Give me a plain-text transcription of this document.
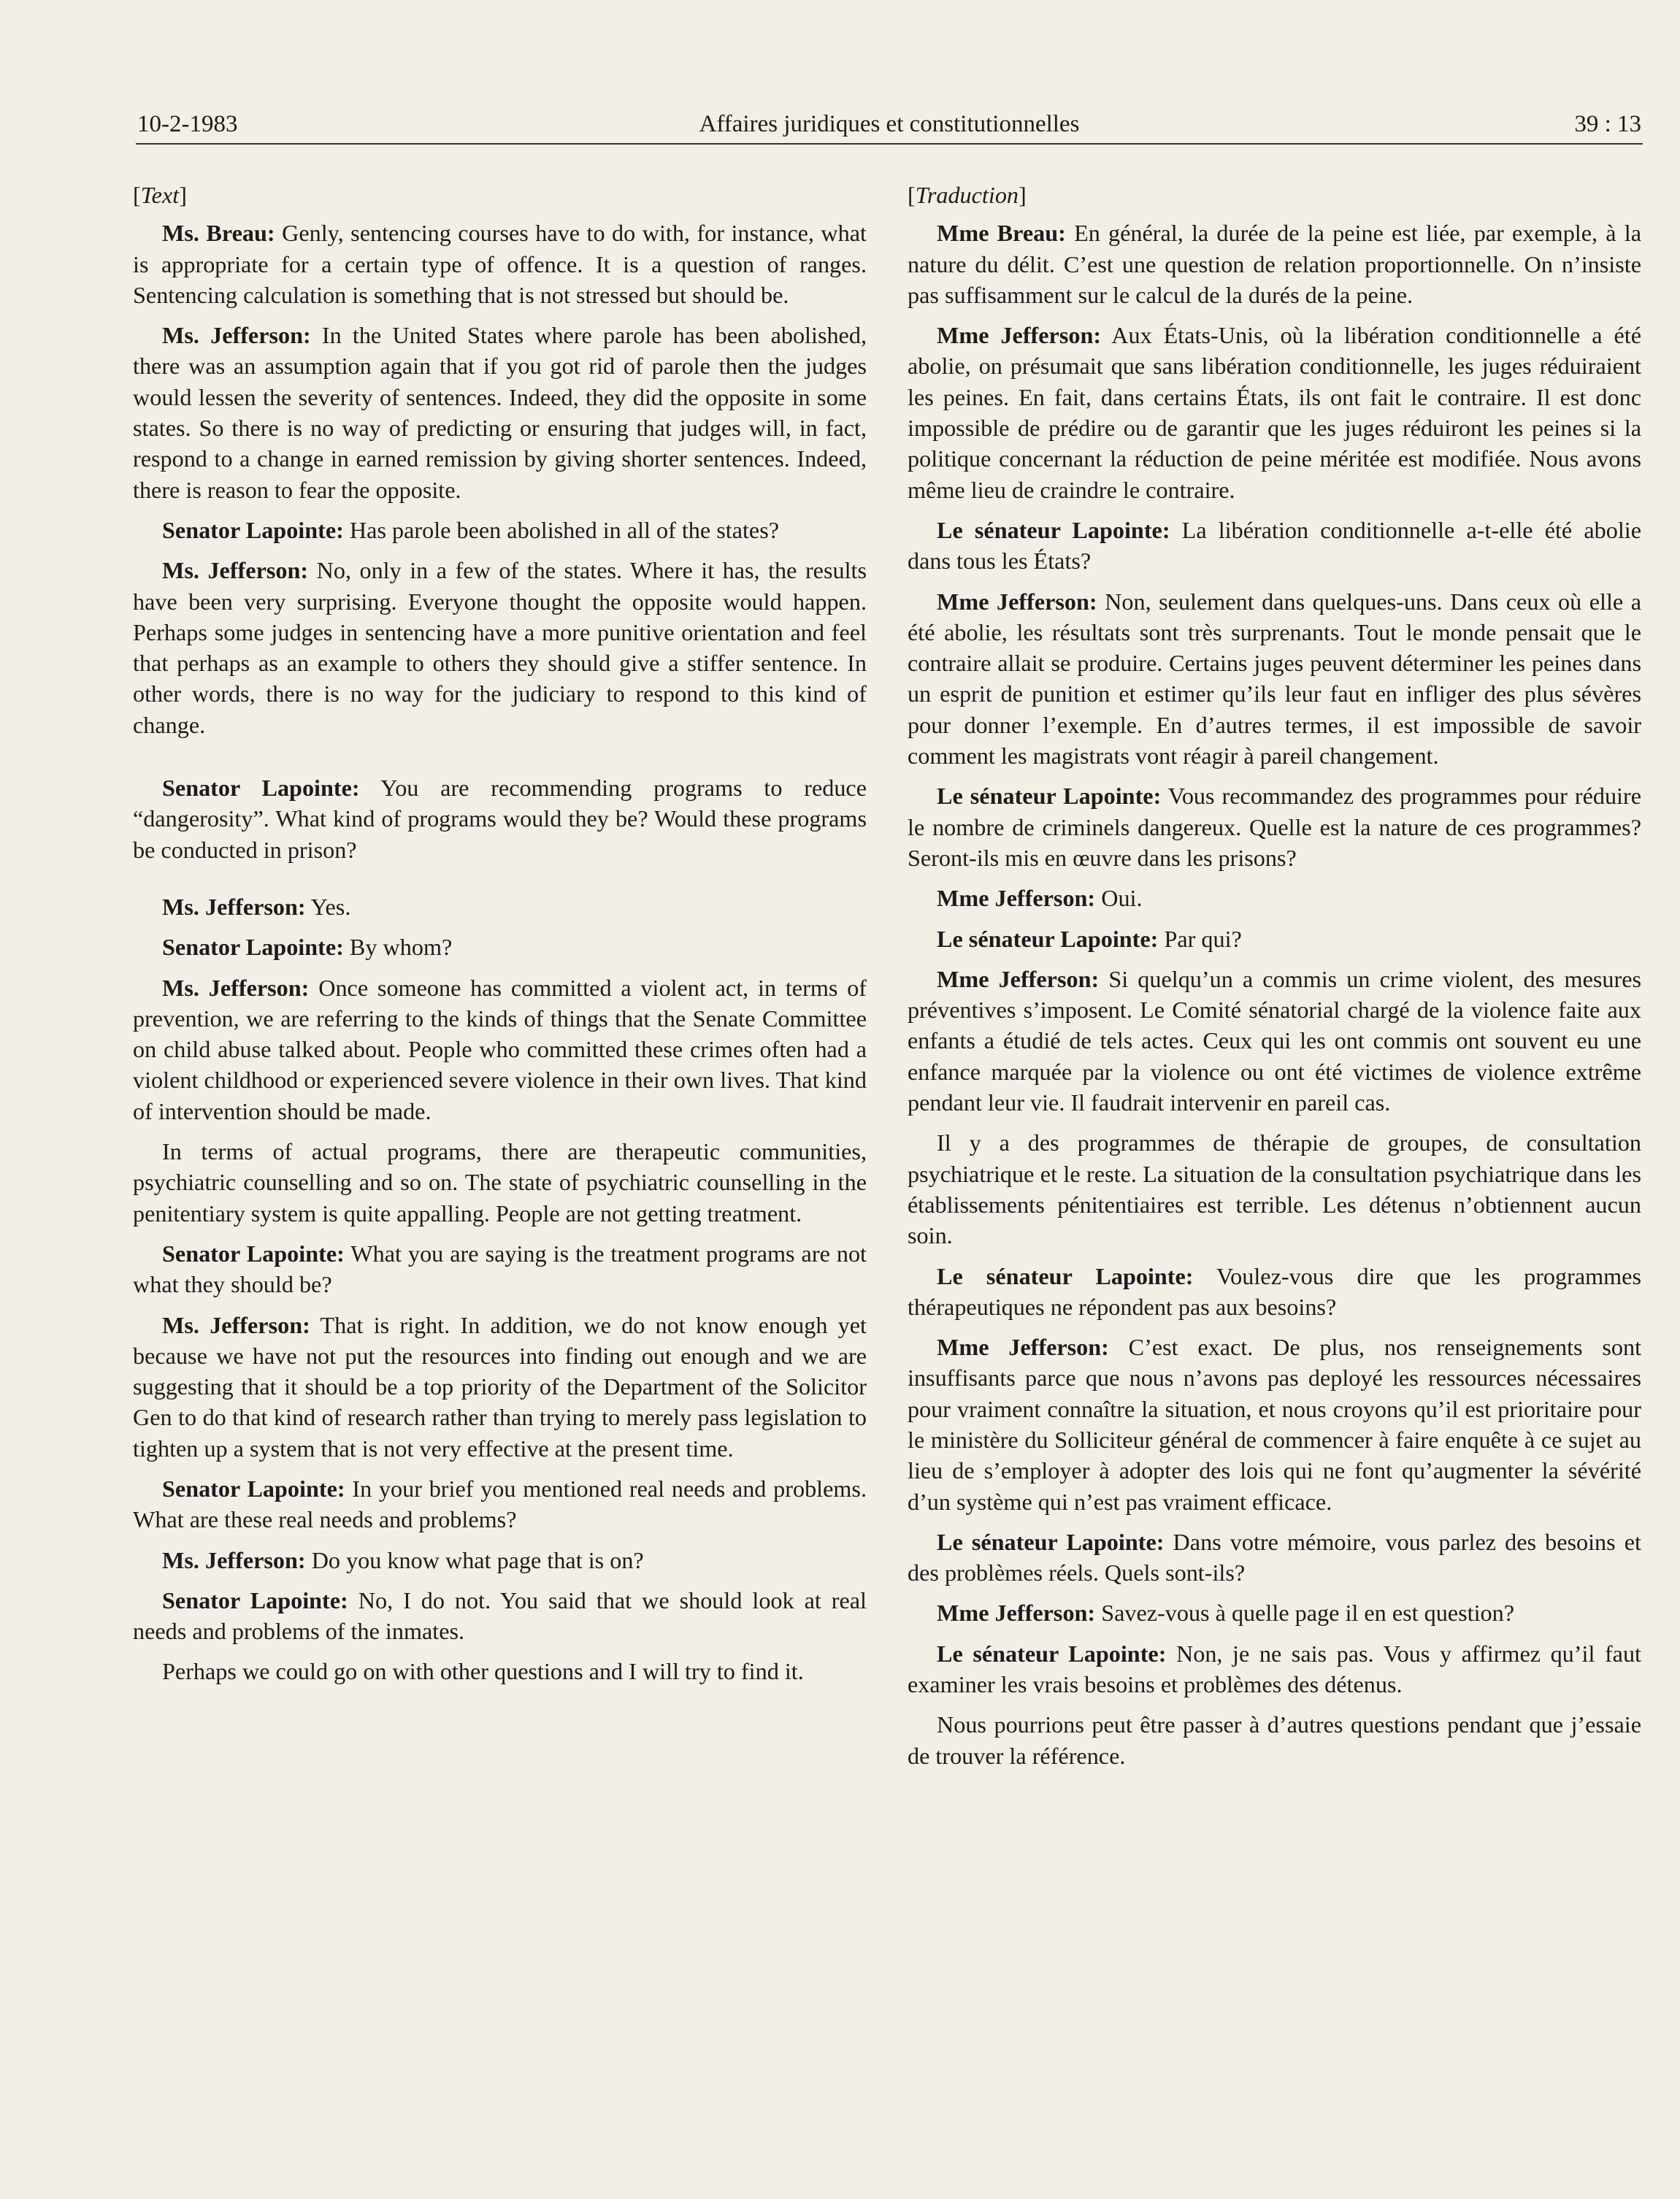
10-2-1983	Affaires juridiques et constitutionnelles	39 : 13
[Text]

Ms. Breau: Genly, sentencing courses have to do with, for instance, what is appropriate for a certain type of offence. It is a question of ranges. Sentencing calculation is something that is not stressed but should be.

Ms. Jefferson: In the United States where parole has been abolished, there was an assumption again that if you got rid of parole then the judges would lessen the severity of sentences. Indeed, they did the opposite in some states. So there is no way of predicting or ensuring that judges will, in fact, respond to a change in earned remission by giving shorter sentences. Indeed, there is reason to fear the opposite.

Senator Lapointe: Has parole been abolished in all of the states?

Ms. Jefferson: No, only in a few of the states. Where it has, the results have been very surprising. Everyone thought the opposite would happen. Perhaps some judges in sentencing have a more punitive orientation and feel that perhaps as an example to others they should give a stiffer sentence. In other words, there is no way for the judiciary to respond to this kind of change.

Senator Lapointe: You are recommending programs to reduce “dangerosity”. What kind of programs would they be? Would these programs be conducted in prison?

Ms. Jefferson: Yes.

Senator Lapointe: By whom?

Ms. Jefferson: Once someone has committed a violent act, in terms of prevention, we are referring to the kinds of things that the Senate Committee on child abuse talked about. People who committed these crimes often had a violent childhood or experienced severe violence in their own lives. That kind of intervention should be made.

In terms of actual programs, there are therapeutic communities, psychiatric counselling and so on. The state of psychiatric counselling in the penitentiary system is quite appalling. People are not getting treatment.

Senator Lapointe: What you are saying is the treatment programs are not what they should be?

Ms. Jefferson: That is right. In addition, we do not know enough yet because we have not put the resources into finding out enough and we are suggesting that it should be a top priority of the Department of the Solicitor Gen to do that kind of research rather than trying to merely pass legislation to tighten up a system that is not very effective at the present time.

Senator Lapointe: In your brief you mentioned real needs and problems. What are these real needs and problems?

Ms. Jefferson: Do you know what page that is on?

Senator Lapointe: No, I do not. You said that we should look at real needs and problems of the inmates.

Perhaps we could go on with other questions and I will try to find it.

[Traduction]

Mme Breau: En général, la durée de la peine est liée, par exemple, à la nature du délit. C’est une question de relation proportionnelle. On n’insiste pas suffisamment sur le calcul de la durés de la peine.

Mme Jefferson: Aux États-Unis, où la libération conditionnelle a été abolie, on présumait que sans libération conditionnelle, les juges réduiraient les peines. En fait, dans certains États, ils ont fait le contraire. Il est donc impossible de prédire ou de garantir que les juges réduiront les peines si la politique concernant la réduction de peine méritée est modifiée. Nous avons même lieu de craindre le contraire.

Le sénateur Lapointe: La libération conditionnelle a-t-elle été abolie dans tous les États?

Mme Jefferson: Non, seulement dans quelques-uns. Dans ceux où elle a été abolie, les résultats sont très surprenants. Tout le monde pensait que le contraire allait se produire. Certains juges peuvent déterminer les peines dans un esprit de punition et estimer qu’ils leur faut en infliger des plus sévères pour donner l’exemple. En d’autres termes, il est impossible de savoir comment les magistrats vont réagir à pareil changement.

Le sénateur Lapointe: Vous recommandez des programmes pour réduire le nombre de criminels dangereux. Quelle est la nature de ces programmes? Seront-ils mis en œuvre dans les prisons?

Mme Jefferson: Oui.

Le sénateur Lapointe: Par qui?

Mme Jefferson: Si quelqu’un a commis un crime violent, des mesures préventives s’imposent. Le Comité sénatorial chargé de la violence faite aux enfants a étudié de tels actes. Ceux qui les ont commis ont souvent eu une enfance marquée par la violence ou ont été victimes de violence extrême pendant leur vie. Il faudrait intervenir en pareil cas.

Il y a des programmes de thérapie de groupes, de consultation psychiatrique et le reste. La situation de la consultation psychiatrique dans les établissements pénitentiaires est terrible. Les détenus n’obtiennent aucun soin.

Le sénateur Lapointe: Voulez-vous dire que les programmes thérapeutiques ne répondent pas aux besoins?

Mme Jefferson: C’est exact. De plus, nos renseignements sont insuffisants parce que nous n’avons pas deployé les ressources nécessaires pour vraiment connaître la situation, et nous croyons qu’il est prioritaire pour le ministère du Solliciteur général de commencer à faire enquête à ce sujet au lieu de s’employer à adopter des lois qui ne font qu’augmenter la sévérité d’un système qui n’est pas vraiment efficace.

Le sénateur Lapointe: Dans votre mémoire, vous parlez des besoins et des problèmes réels. Quels sont-ils?

Mme Jefferson: Savez-vous à quelle page il en est question?

Le sénateur Lapointe: Non, je ne sais pas. Vous y affirmez qu’il faut examiner les vrais besoins et problèmes des détenus.

Nous pourrions peut être passer à d’autres questions pendant que j’essaie de trouver la référence.
